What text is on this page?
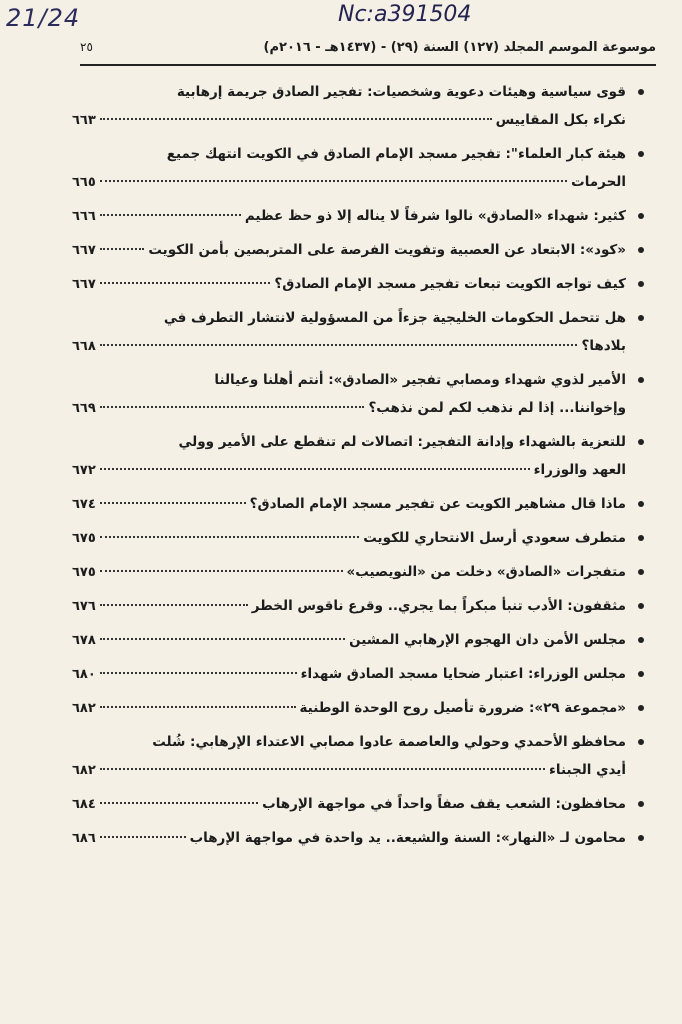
21/24	Nc:a391504
موسوعة الموسم المجلد (١٢٧) السنة (٢٩) - (١٤٣٧هـ - ٢٠١٦م)
٢٥
قوى سياسية وهيئات دعوية وشخصيات: تفجير الصادق جريمة إرهابية
نكراء بكل المقاييس
٦٦٣
هيئة كبار العلماء": تفجير مسجد الإمام الصادق في الكويت انتهك جميع
الحرمات
٦٦٥
كثير: شهداء «الصادق» نالوا شرفاً لا يناله إلا ذو حظ عظيم
٦٦٦
«كود»: الابتعاد عن العصبية وتفويت الفرصة على المتربصين بأمن الكويت
٦٦٧
كيف تواجه الكويت تبعات تفجير مسجد الإمام الصادق؟
٦٦٧
هل تتحمل الحكومات الخليجية جزءاً من المسؤولية لانتشار التطرف في
بلادها؟
٦٦٨
الأمير لذوي شهداء ومصابي تفجير «الصادق»: أنتم أهلنا وعيالنا
وإخواننا... إذا لم نذهب لكم لمن نذهب؟
٦٦٩
للتعزية بالشهداء وإدانة التفجير: اتصالات لم تنقطع على الأمير وولي
العهد والوزراء
٦٧٢
ماذا قال مشاهير الكويت عن تفجير مسجد الإمام الصادق؟
٦٧٤
متطرف سعودي أرسل الانتحاري للكويت
٦٧٥
متفجرات «الصادق» دخلت من «النويصيب»
٦٧٥
مثقفون: الأدب تنبأ مبكراً بما يجري.. وقرع ناقوس الخطر
٦٧٦
مجلس الأمن دان الهجوم الإرهابي المشين
٦٧٨
مجلس الوزراء: اعتبار ضحايا مسجد الصادق شهداء
٦٨٠
«مجموعة ٢٩»: ضرورة تأصيل روح الوحدة الوطنية
٦٨٢
محافظو الأحمدي وحولي والعاصمة عادوا مصابي الاعتداء الإرهابي: شُلت
أيدي الجبناء
٦٨٢
محافظون: الشعب يقف صفاً واحداً في مواجهة الإرهاب
٦٨٤
محامون لـ «النهار»: السنة والشيعة.. يد واحدة في مواجهة الإرهاب
٦٨٦
